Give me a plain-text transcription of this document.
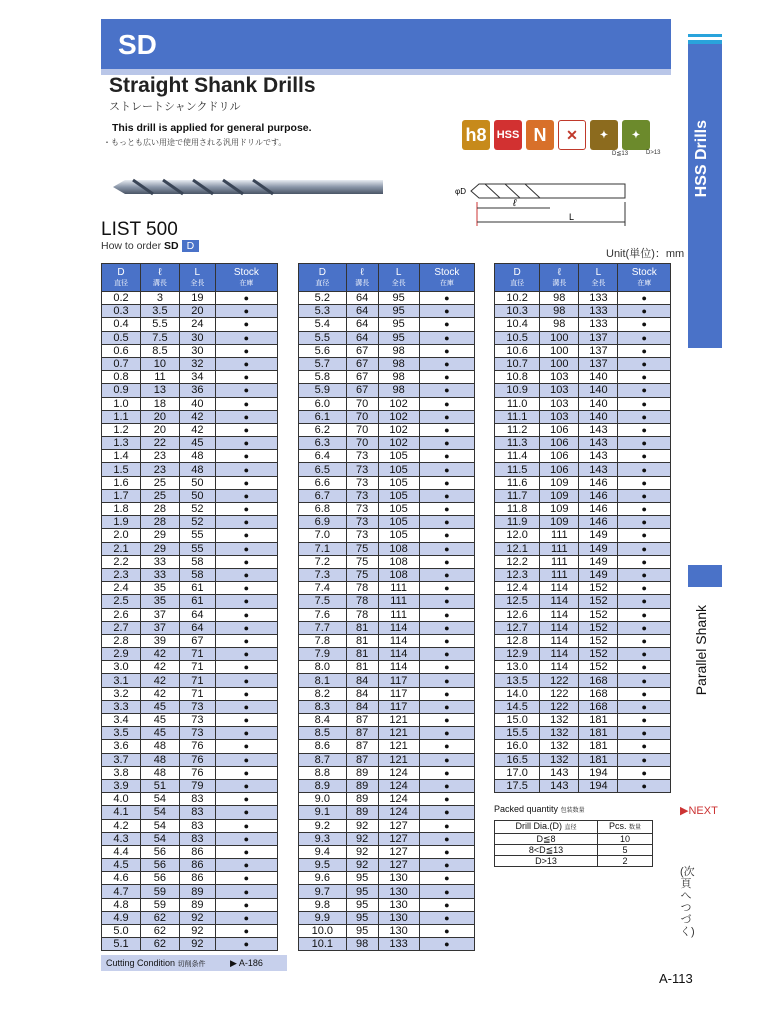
SD
Straight Shank Drills
ストレートシャンクドリル
This drill is applied for general purpose.
・もっとも広い用途で使用される汎用ドリルです。	h8 HSS N	✕	✦	✦
D≦13	D>13
φD
ℓ
L
LIST 500
How to order SD D
Unit(単位)：mm
D
直径	ℓ
溝長	L
全長	Stock
在庫

0.2	3	19	●
0.3	3.5	20	●
0.4	5.5	24	●
0.5	7.5	30	●
0.6	8.5	30	●
0.7	10	32	●
0.8	11	34	●
0.9	13	36	●
1.0	18	40	●
1.1	20	42	●
1.2	20	42	●
1.3	22	45	●
1.4	23	48	●
1.5	23	48	●
1.6	25	50	●
1.7	25	50	●
1.8	28	52	●
1.9	28	52	●
2.0	29	55	●
2.1	29	55	●
2.2	33	58	●
2.3	33	58	●
2.4	35	61	●
2.5	35	61	●
2.6	37	64	●
2.7	37	64	●
2.8	39	67	●
2.9	42	71	●
3.0	42	71	●
3.1	42	71	●
3.2	42	71	●
3.3	45	73	●
3.4	45	73	●
3.5	45	73	●
3.6	48	76	●
3.7	48	76	●
3.8	48	76	●
3.9	51	79	●
4.0	54	83	●
4.1	54	83	●
4.2	54	83	●
4.3	54	83	●
4.4	56	86	●
4.5	56	86	●
4.6	56	86	●
4.7	59	89	●
4.8	59	89	●
4.9	62	92	●
5.0	62	92	●
5.1	62	92	●
D
直径	ℓ
溝長	L
全長	Stock
在庫

5.2	64	95	●
5.3	64	95	●
5.4	64	95	●
5.5	64	95	●
5.6	67	98	●
5.7	67	98	●
5.8	67	98	●
5.9	67	98	●
6.0	70	102	●
6.1	70	102	●
6.2	70	102	●
6.3	70	102	●
6.4	73	105	●
6.5	73	105	●
6.6	73	105	●
6.7	73	105	●
6.8	73	105	●
6.9	73	105	●
7.0	73	105	●
7.1	75	108	●
7.2	75	108	●
7.3	75	108	●
7.4	78	111	●
7.5	78	111	●
7.6	78	111	●
7.7	81	114	●
7.8	81	114	●
7.9	81	114	●
8.0	81	114	●
8.1	84	117	●
8.2	84	117	●
8.3	84	117	●
8.4	87	121	●
8.5	87	121	●
8.6	87	121	●
8.7	87	121	●
8.8	89	124	●
8.9	89	124	●
9.0	89	124	●
9.1	89	124	●
9.2	92	127	●
9.3	92	127	●
9.4	92	127	●
9.5	92	127	●
9.6	95	130	●
9.7	95	130	●
9.8	95	130	●
9.9	95	130	●
10.0	95	130	●
10.1	98	133	●
D
直径	ℓ
溝長	L
全長	Stock
在庫

10.2	98	133	●
10.3	98	133	●
10.4	98	133	●
10.5	100	137	●
10.6	100	137	●
10.7	100	137	●
10.8	103	140	●
10.9	103	140	●
11.0	103	140	●
11.1	103	140	●
11.2	106	143	●
11.3	106	143	●
11.4	106	143	●
11.5	106	143	●
11.6	109	146	●
11.7	109	146	●
11.8	109	146	●
11.9	109	146	●
12.0	111	149	●
12.1	111	149	●
12.2	111	149	●
12.3	111	149	●
12.4	114	152	●
12.5	114	152	●
12.6	114	152	●
12.7	114	152	●
12.8	114	152	●
12.9	114	152	●
13.0	114	152	●
13.5	122	168	●
14.0	122	168	●
14.5	122	168	●
15.0	132	181	●
15.5	132	181	●
16.0	132	181	●
16.5	132	181	●
17.0	143	194	●
17.5	143	194	●
Packed quantity 包装数量
Drill Dia.(D) 直径	Pcs. 数量
D≦8	10
8<D≦13	5
D>13	2
HSS Drills
Parallel Shank
▶NEXT
(次頁へつづく)
Cutting Condition 切削条件	▶ A-186
A-113
